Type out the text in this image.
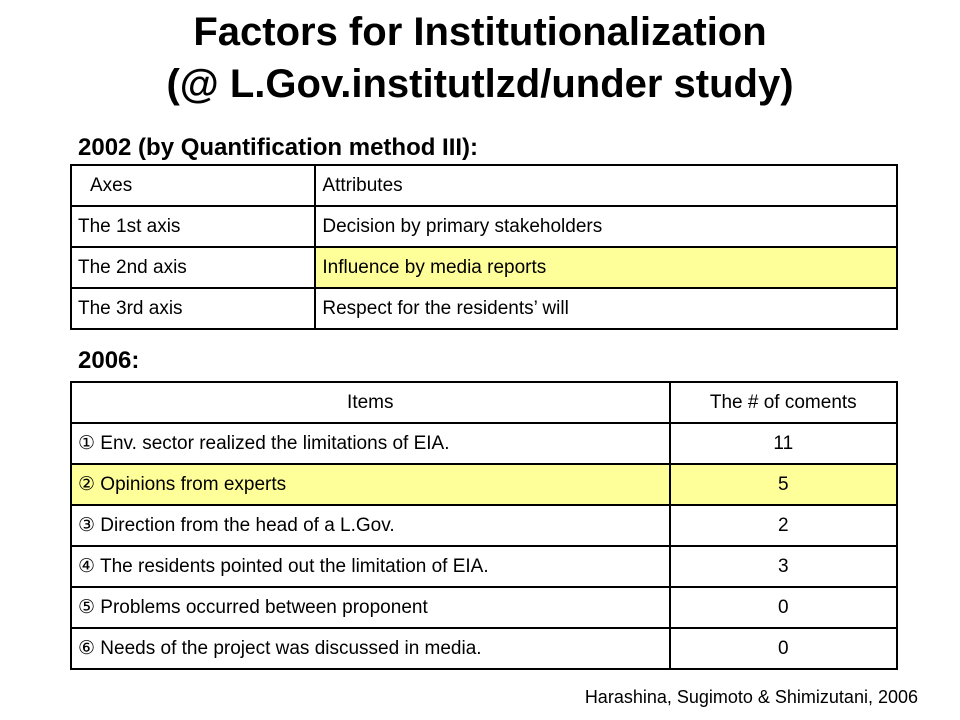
Factors for Institutionalization
(@ L.Gov.institutlzd/under study)
2002 (by Quantification method III):
Axes	Attributes
The 1st axis	Decision by primary stakeholders
The 2nd axis	Influence by media reports
The 3rd axis	Respect for the residents’ will
2006:
Items	The # of coments
① Env. sector realized the limitations of EIA.	11
② Opinions from experts	5
③ Direction from the head of a L.Gov.	2
④ The residents pointed out the limitation of EIA.	3
⑤ Problems occurred between proponent	0
⑥ Needs of the project was discussed in media.	0
Harashina, Sugimoto & Shimizutani, 2006
